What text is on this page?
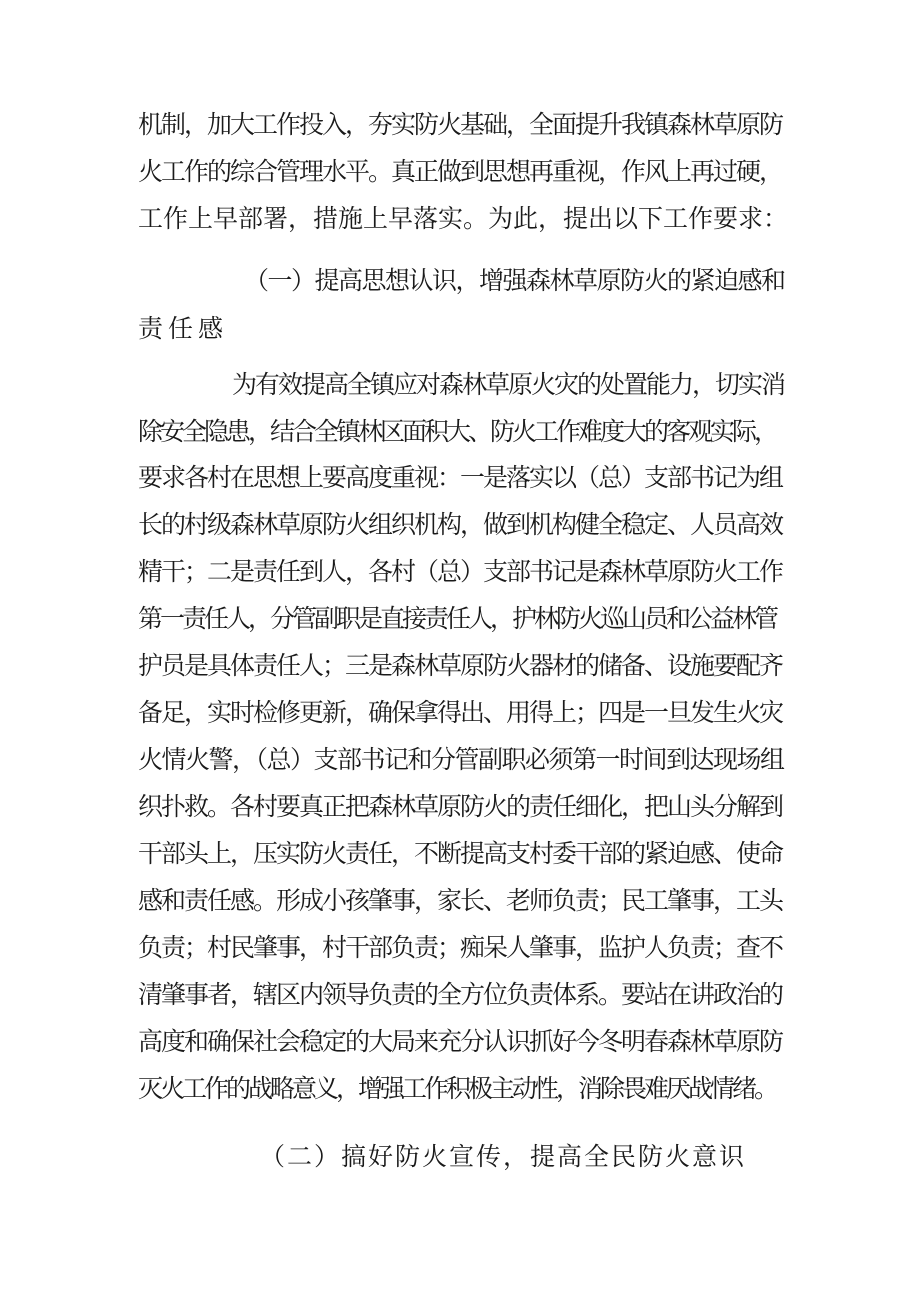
机制，加大工作投入，夯实防火基础，全面提升我镇森林草原防
火工作的综合管理水平。真正做到思想再重视，作风上再过硬，
工作上早部署，措施上早落实。为此，提出以下工作要求：
（一）提高思想认识，增强森林草原防火的紧迫感和
责任感
为有效提高全镇应对森林草原火灾的处置能力，切实消
除安全隐患，结合全镇林区面积大、防火工作难度大的客观实际，
要求各村在思想上要高度重视：一是落实以（总）支部书记为组
长的村级森林草原防火组织机构，做到机构健全稳定、人员高效
精干；二是责任到人，各村（总）支部书记是森林草原防火工作
第一责任人，分管副职是直接责任人，护林防火巡山员和公益林管
护员是具体责任人；三是森林草原防火器材的储备、设施要配齐
备足，实时检修更新，确保拿得出、用得上；四是一旦发生火灾
火情火警，（总）支部书记和分管副职必须第一时间到达现场组
织扑救。各村要真正把森林草原防火的责任细化，把山头分解到
干部头上，压实防火责任，不断提高支村委干部的紧迫感、使命
感和责任感。形成小孩肇事，家长、老师负责；民工肇事，工头
负责；村民肇事，村干部负责；痴呆人肇事，监护人负责；查不
清肇事者，辖区内领导负责的全方位负责体系。要站在讲政治的
高度和确保社会稳定的大局来充分认识抓好今冬明春森林草原防
灭火工作的战略意义，增强工作积极主动性，消除畏难厌战情绪。
（二）搞好防火宣传，提高全民防火意识
